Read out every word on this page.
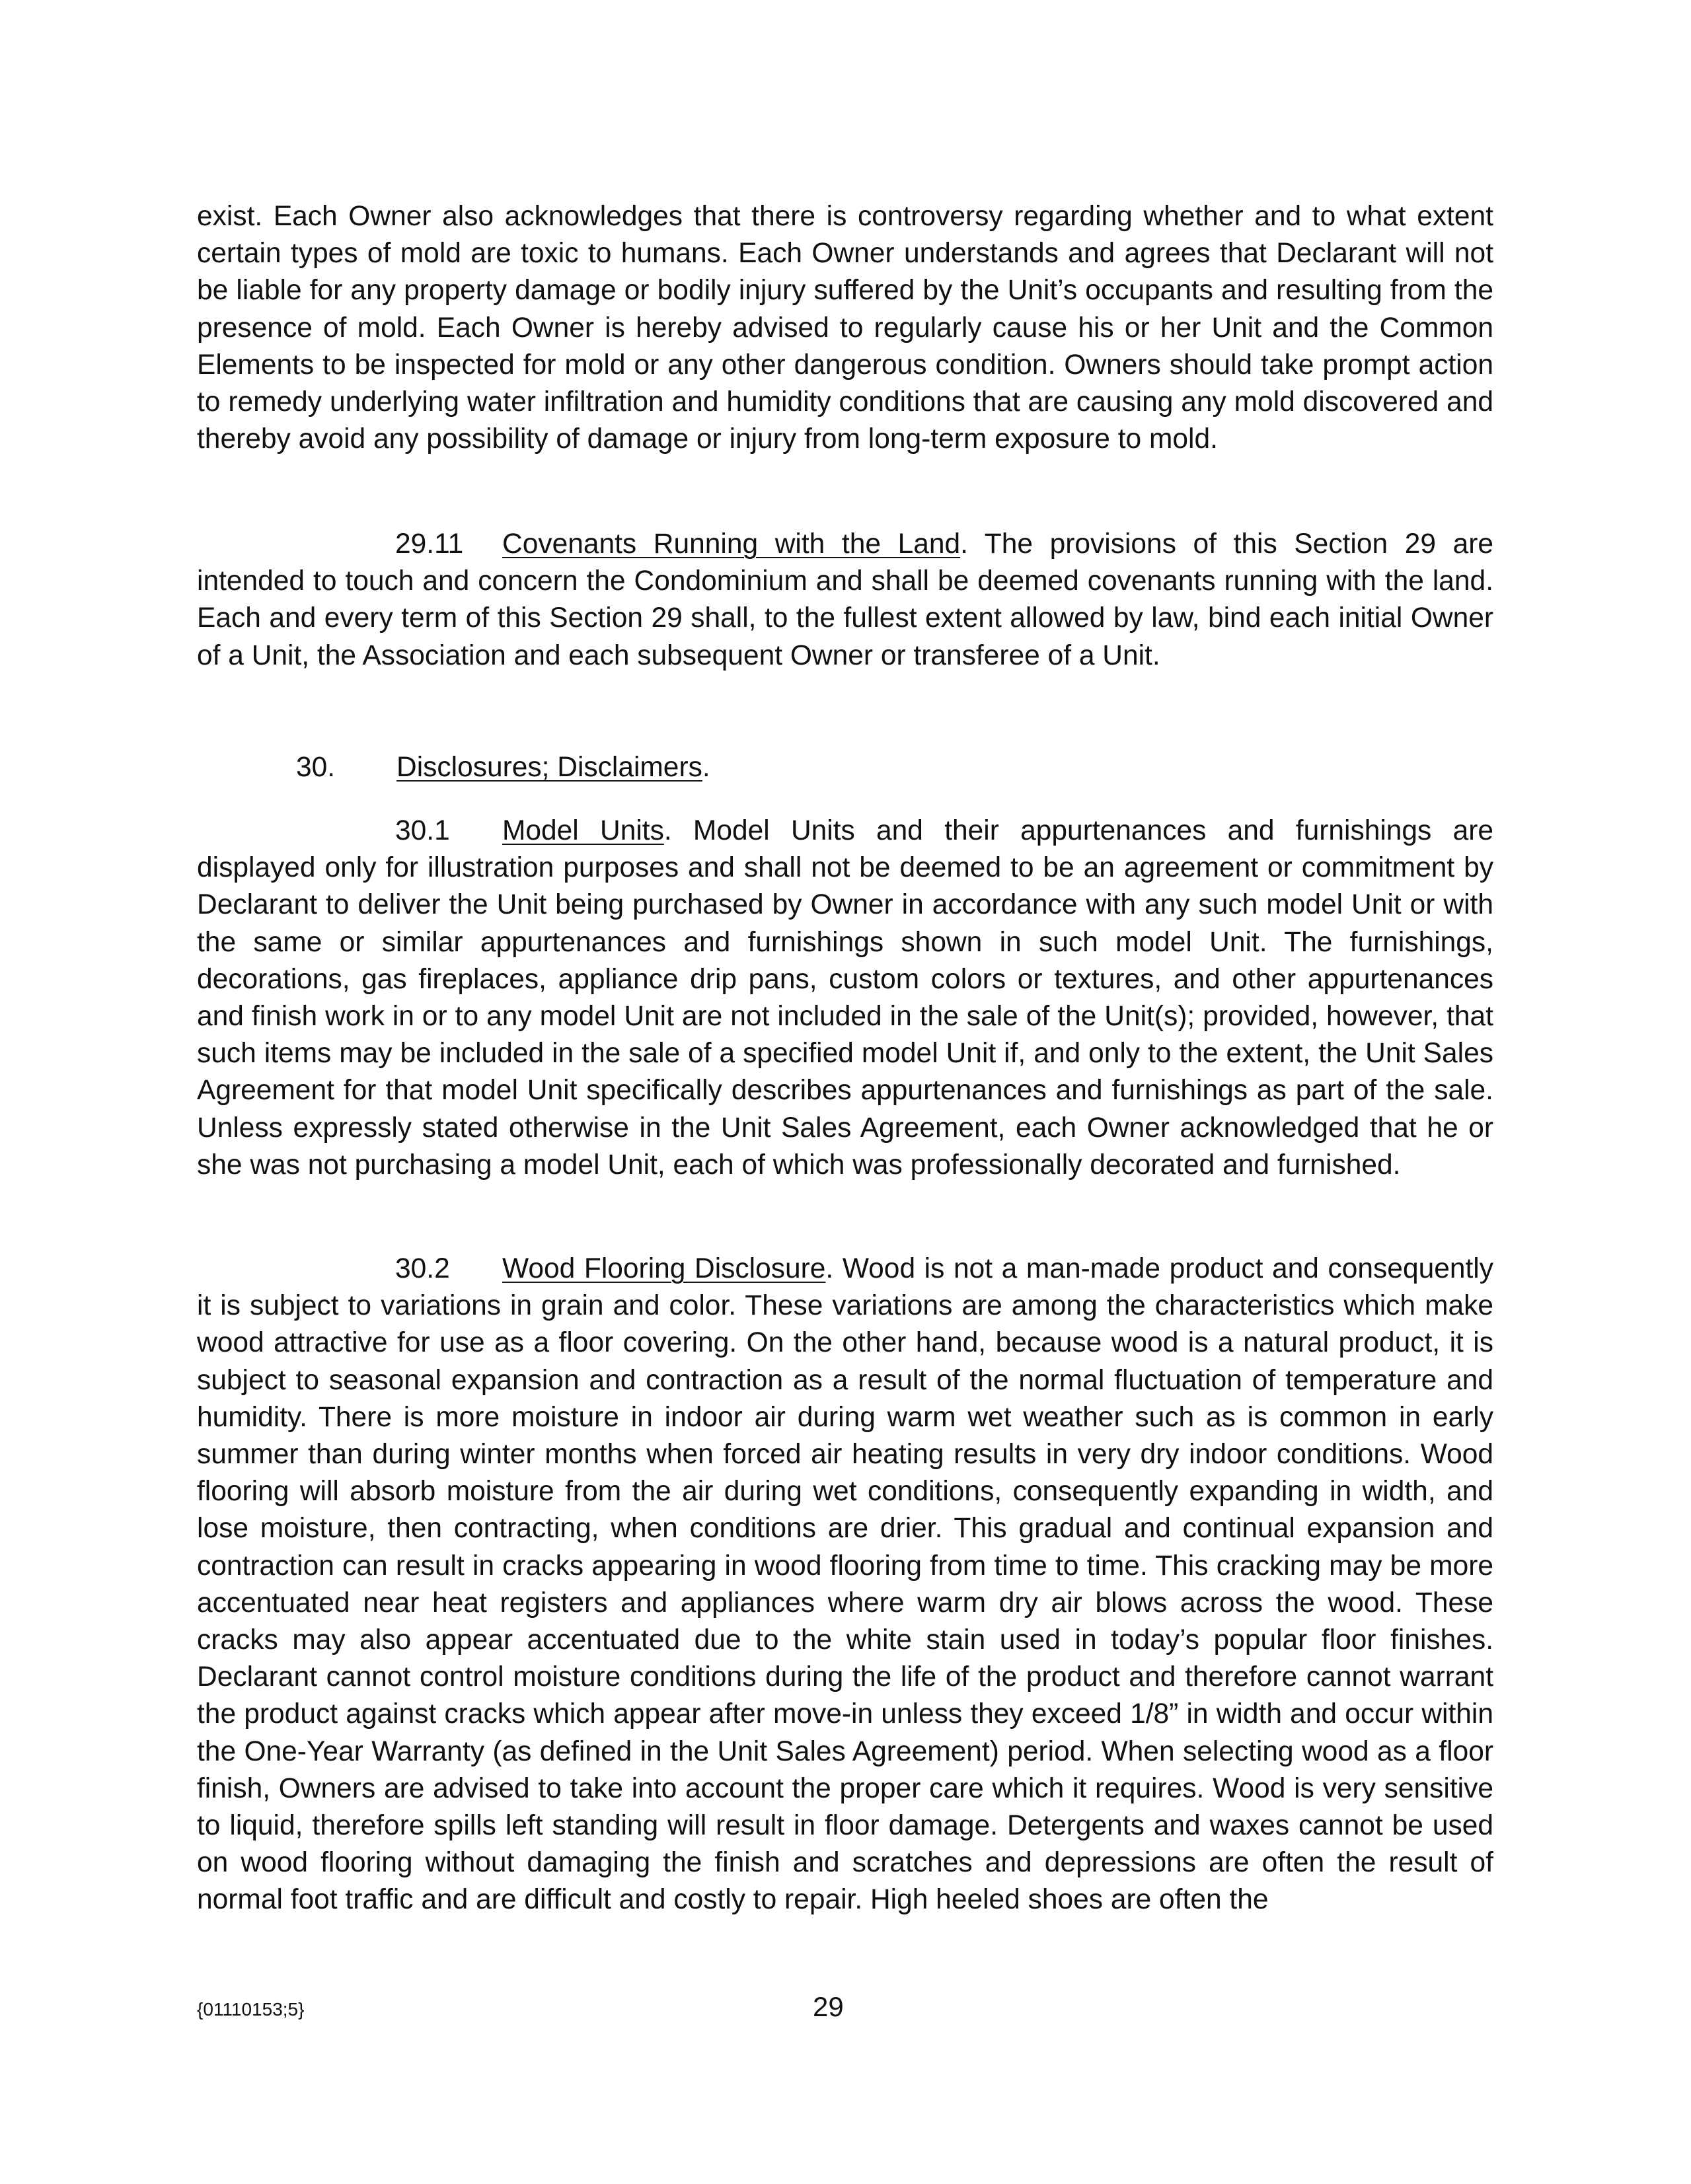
exist. Each Owner also acknowledges that there is controversy regarding whether and to what extent certain types of mold are toxic to humans. Each Owner understands and agrees that Declarant will not be liable for any property damage or bodily injury suffered by the Unit’s occupants and resulting from the presence of mold. Each Owner is hereby advised to regularly cause his or her Unit and the Common Elements to be inspected for mold or any other dangerous condition. Owners should take prompt action to remedy underlying water infiltration and humidity conditions that are causing any mold discovered and thereby avoid any possibility of damage or injury from long-term exposure to mold.

29.11 Covenants Running with the Land. The provisions of this Section 29 are intended to touch and concern the Condominium and shall be deemed covenants running with the land. Each and every term of this Section 29 shall, to the fullest extent allowed by law, bind each initial Owner of a Unit, the Association and each subsequent Owner or transferee of a Unit.

30. Disclosures; Disclaimers.

30.1 Model Units. Model Units and their appurtenances and furnishings are displayed only for illustration purposes and shall not be deemed to be an agreement or commitment by Declarant to deliver the Unit being purchased by Owner in accordance with any such model Unit or with the same or similar appurtenances and furnishings shown in such model Unit. The furnishings, decorations, gas fireplaces, appliance drip pans, custom colors or textures, and other appurtenances and finish work in or to any model Unit are not included in the sale of the Unit(s); provided, however, that such items may be included in the sale of a specified model Unit if, and only to the extent, the Unit Sales Agreement for that model Unit specifically describes appurtenances and furnishings as part of the sale. Unless expressly stated otherwise in the Unit Sales Agreement, each Owner acknowledged that he or she was not purchasing a model Unit, each of which was professionally decorated and furnished.

30.2 Wood Flooring Disclosure. Wood is not a man-made product and consequently it is subject to variations in grain and color. These variations are among the characteristics which make wood attractive for use as a floor covering. On the other hand, because wood is a natural product, it is subject to seasonal expansion and contraction as a result of the normal fluctuation of temperature and humidity. There is more moisture in indoor air during warm wet weather such as is common in early summer than during winter months when forced air heating results in very dry indoor conditions. Wood flooring will absorb moisture from the air during wet conditions, consequently expanding in width, and lose moisture, then contracting, when conditions are drier. This gradual and continual expansion and contraction can result in cracks appearing in wood flooring from time to time. This cracking may be more accentuated near heat registers and appliances where warm dry air blows across the wood. These cracks may also appear accentuated due to the white stain used in today’s popular floor finishes. Declarant cannot control moisture conditions during the life of the product and therefore cannot warrant the product against cracks which appear after move-in unless they exceed 1/8” in width and occur within the One-Year Warranty (as defined in the Unit Sales Agreement) period. When selecting wood as a floor finish, Owners are advised to take into account the proper care which it requires. Wood is very sensitive to liquid, therefore spills left standing will result in floor damage. Detergents and waxes cannot be used on wood flooring without damaging the finish and scratches and depressions are often the result of normal foot traffic and are difficult and costly to repair. High heeled shoes are often the

{01110153;5}	29
